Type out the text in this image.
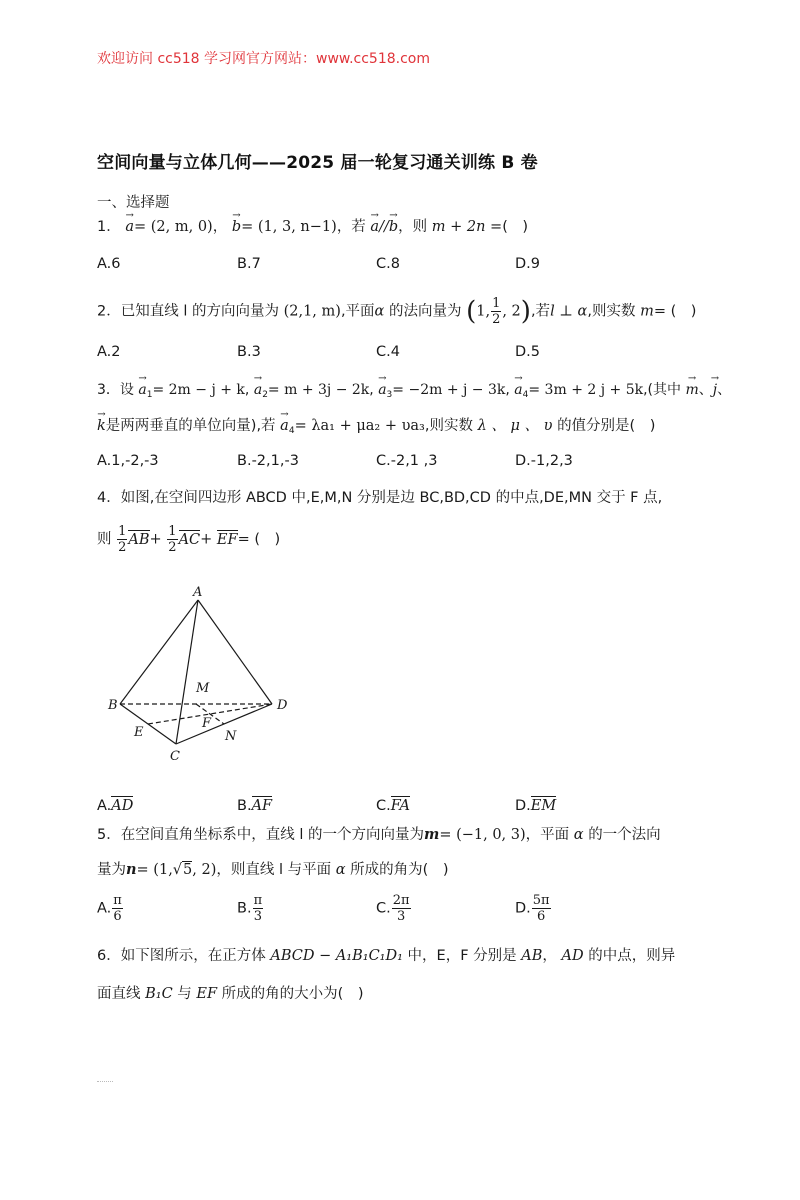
欢迎访问 cc518 学习网官方网站：www.cc518.com
空间向量与立体几何——2025 届一轮复习通关训练 B 卷
一、选择题
1． → a= (2, m, 0)， → b= (1, 3, n−1)，若 → a//→ b，则 m + 2n =(　)
A.6	B.7	C.8	D.9
2．已知直线 l 的方向向量为 (2,1, m),平面α 的法向量为 (1, $\frac{1}{2}$ , 2),若l ⊥ α,则实数 m= (　)
A.2	B.3	C.4	D.5
3．设 → $a_1= 2m - j + k$, → $a_2= m + 3j - 2k$, → $a_3= -2m + j - 3k$, → $a_4= 3m + 2$ j + 5k,(其中 → m、→ j、
→ k是两两垂直的单位向量),若 → $a_4= \lambda a_1 + \mu a_2 + \upsilon a_3$,则实数 λ 、 μ 、 υ 的值分别是(　)
A.1,-2,-3	B.-2,1,-3	C.-2,1 ,3	D.-1,2,3
4．如图,在空间四边形 ABCD 中,E,M,N 分别是边 BC,BD,CD 的中点,DE,MN 交于 F 点,
则 $\frac{1}{2} AB+ \frac{1}{2} AC+ EF=$ (　)
A
B
C
D
E
F
M
N
A.AD	B.AF	C.FA	D.EM
5．在空间直角坐标系中，直线 l 的一个方向向量为m= (−1, 0, 3)，平面 α 的一个法向
量为n= (1,√5, 2)，则直线 l 与平面 α 所成的角为(　)
A. $\frac{\pi}{6}$	B. $\frac{\pi}{3}$	C. $\frac{2\pi}{3}$	D. $\frac{5\pi}{6}$
6．如下图所示，在正方体 ABCD − A₁B₁C₁D₁ 中，E，F 分别是 AB， AD 的中点，则异
面直线 B₁C 与 EF 所成的角的大小为(　)
